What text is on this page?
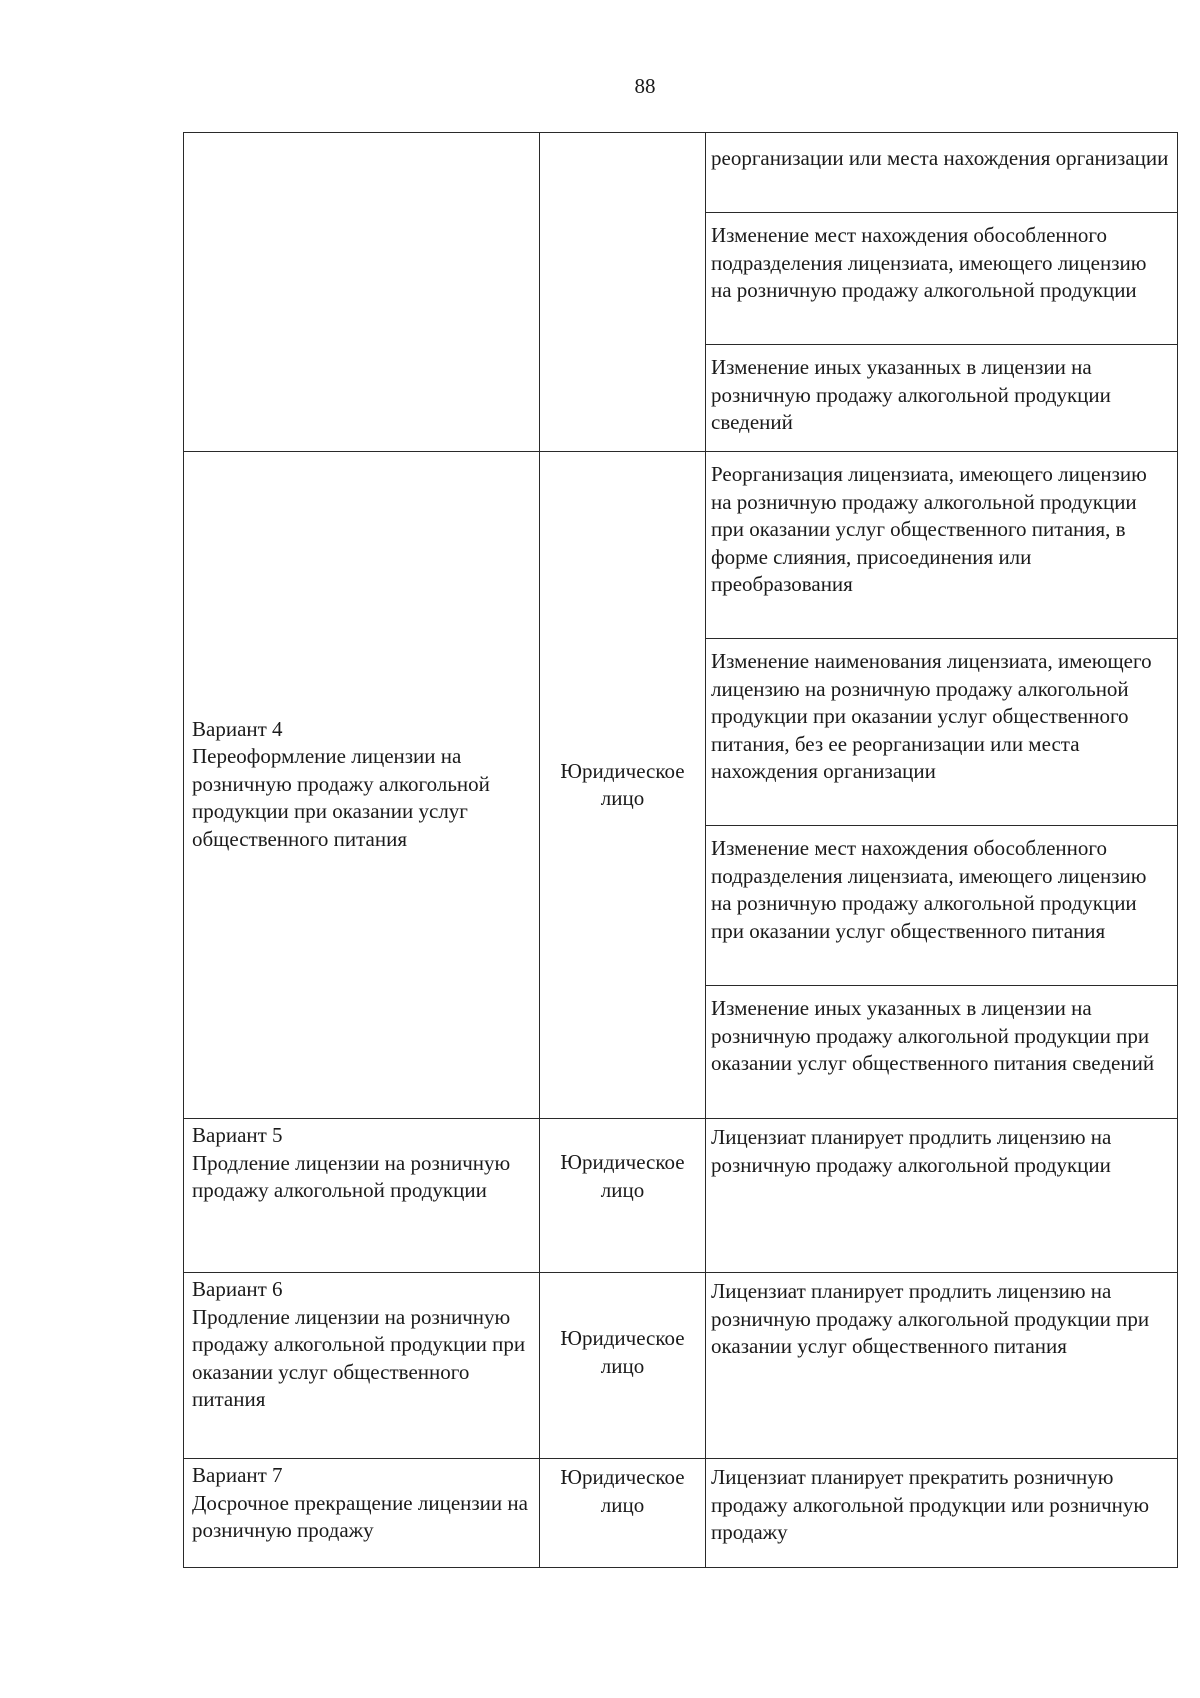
88
		реорганизации или места нахождения организации
		Изменение мест нахождения обособленного подразделения лицензиата, имеющего лицензию на розничную продажу алкогольной продукции
		Изменение иных указанных в лицензии на розничную продажу алкогольной продукции сведений

Вариант 4
Переоформление лицензии на розничную продажу алкогольной продукции при оказании услуг общественного питания	Юридическое
лицо	Реорганизация лицензиата, имеющего лицензию на розничную продажу алкогольной продукции при оказании услуг общественного питания, в форме слияния, присоединения или преобразования
		Изменение наименования лицензиата, имеющего лицензию на розничную продажу алкогольной продукции при оказании услуг общественного питания, без ее реорганизации или места нахождения организации
		Изменение мест нахождения обособленного подразделения лицензиата, имеющего лицензию на розничную продажу алкогольной продукции при оказании услуг общественного питания
		Изменение иных указанных в лицензии на розничную продажу алкогольной продукции при оказании услуг общественного питания сведений

Вариант 5
Продление лицензии на розничную продажу алкогольной продукции	Юридическое
лицо	Лицензиат планирует продлить лицензию на розничную продажу алкогольной продукции

Вариант 6
Продление лицензии на розничную продажу алкогольной продукции при оказании услуг общественного питания	Юридическое
лицо	Лицензиат планирует продлить лицензию на розничную продажу алкогольной продукции при оказании услуг общественного питания

Вариант 7
Досрочное прекращение лицензии на розничную продажу	Юридическое
лицо	Лицензиат планирует прекратить розничную продажу алкогольной продукции или розничную продажу
